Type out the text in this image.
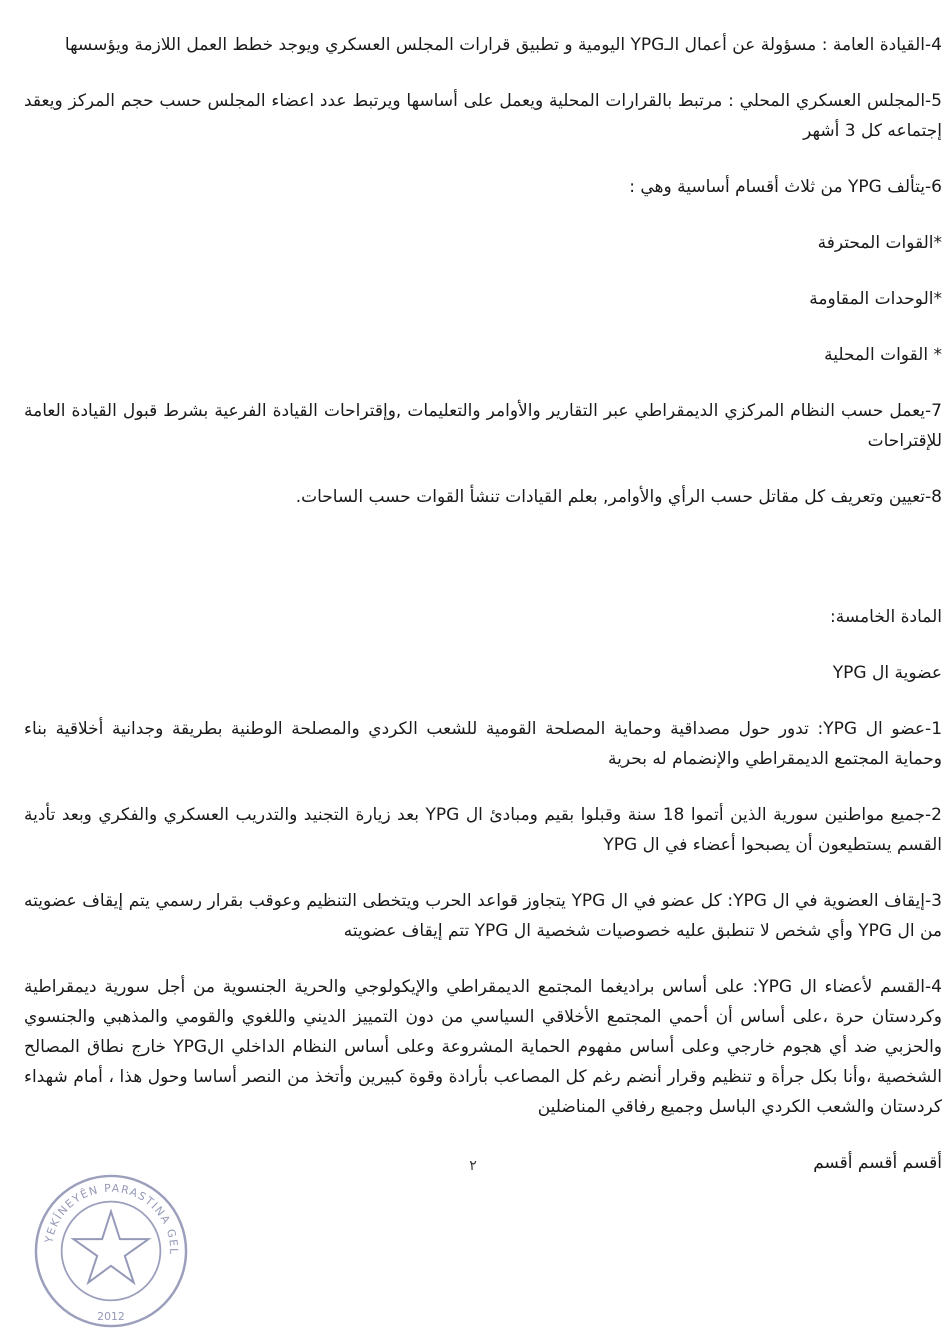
4-القيادة العامة : مسؤولة عن أعمال الـYPG اليومية و تطبيق قرارات المجلس العسكري ويوجد خطط العمل اللازمة ويؤسسها

5-المجلس العسكري المحلي : مرتبط بالقرارات المحلية ويعمل على أساسها ويرتبط عدد اعضاء المجلس حسب حجم المركز ويعقد إجتماعه كل 3 أشهر

6-يتألف YPG من ثلاث أقسام أساسية وهي :

*القوات المحترفة

*الوحدات المقاومة

* القوات المحلية

7-يعمل حسب النظام المركزي الديمقراطي عبر التقارير والأوامر والتعليمات ,وإقتراحات القيادة الفرعية بشرط قبول القيادة العامة للإقتراحات

8-تعيين وتعريف كل مقاتل حسب الرأي والأوامر, بعلم القيادات تنشأ القوات حسب الساحات.

المادة الخامسة:

عضوية ال YPG

1-عضو ال YPG: تدور حول مصداقية وحماية المصلحة القومية للشعب الكردي والمصلحة الوطنية بطريقة وجدانية أخلاقية بناء وحماية المجتمع الديمقراطي والإنضمام له بحرية

2-جميع مواطنين سورية الذين أتموا 18 سنة وقبلوا بقيم ومبادئ ال YPG بعد زيارة التجنيد والتدريب العسكري والفكري وبعد تأدية القسم يستطيعون أن يصبحوا أعضاء في ال YPG

3-إيقاف العضوية في ال YPG: كل عضو في ال YPG يتجاوز قواعد الحرب ويتخطى التنظيم وعوقب بقرار رسمي يتم إيقاف عضويته من ال YPG وأي شخص لا تنطبق عليه خصوصيات شخصية ال YPG تتم إيقاف عضويته

4-القسم لأعضاء ال YPG: على أساس براديغما المجتمع الديمقراطي والإيكولوجي والحرية الجنسوية من أجل سورية ديمقراطية وكردستان حرة ،على أساس أن أحمي المجتمع الأخلاقي السياسي من دون التمييز الديني واللغوي والقومي والمذهبي والجنسوي والحزبي ضد أي هجوم خارجي وعلى أساس مفهوم الحماية المشروعة وعلى أساس النظام الداخلي الYPG خارج نطاق المصالح الشخصية ،وأنا بكل جرأة و تنظيم وقرار أنضم رغم كل المصاعب بأرادة وقوة كبيرين وأتخذ من النصر أساسا وحول هذا ، أمام شهداء كردستان والشعب الكردي الباسل وجميع رفاقي المناضلين

أقسم أقسم أقسم

٢
YEKÎNEYÊN PARASTINA GEL
2012
